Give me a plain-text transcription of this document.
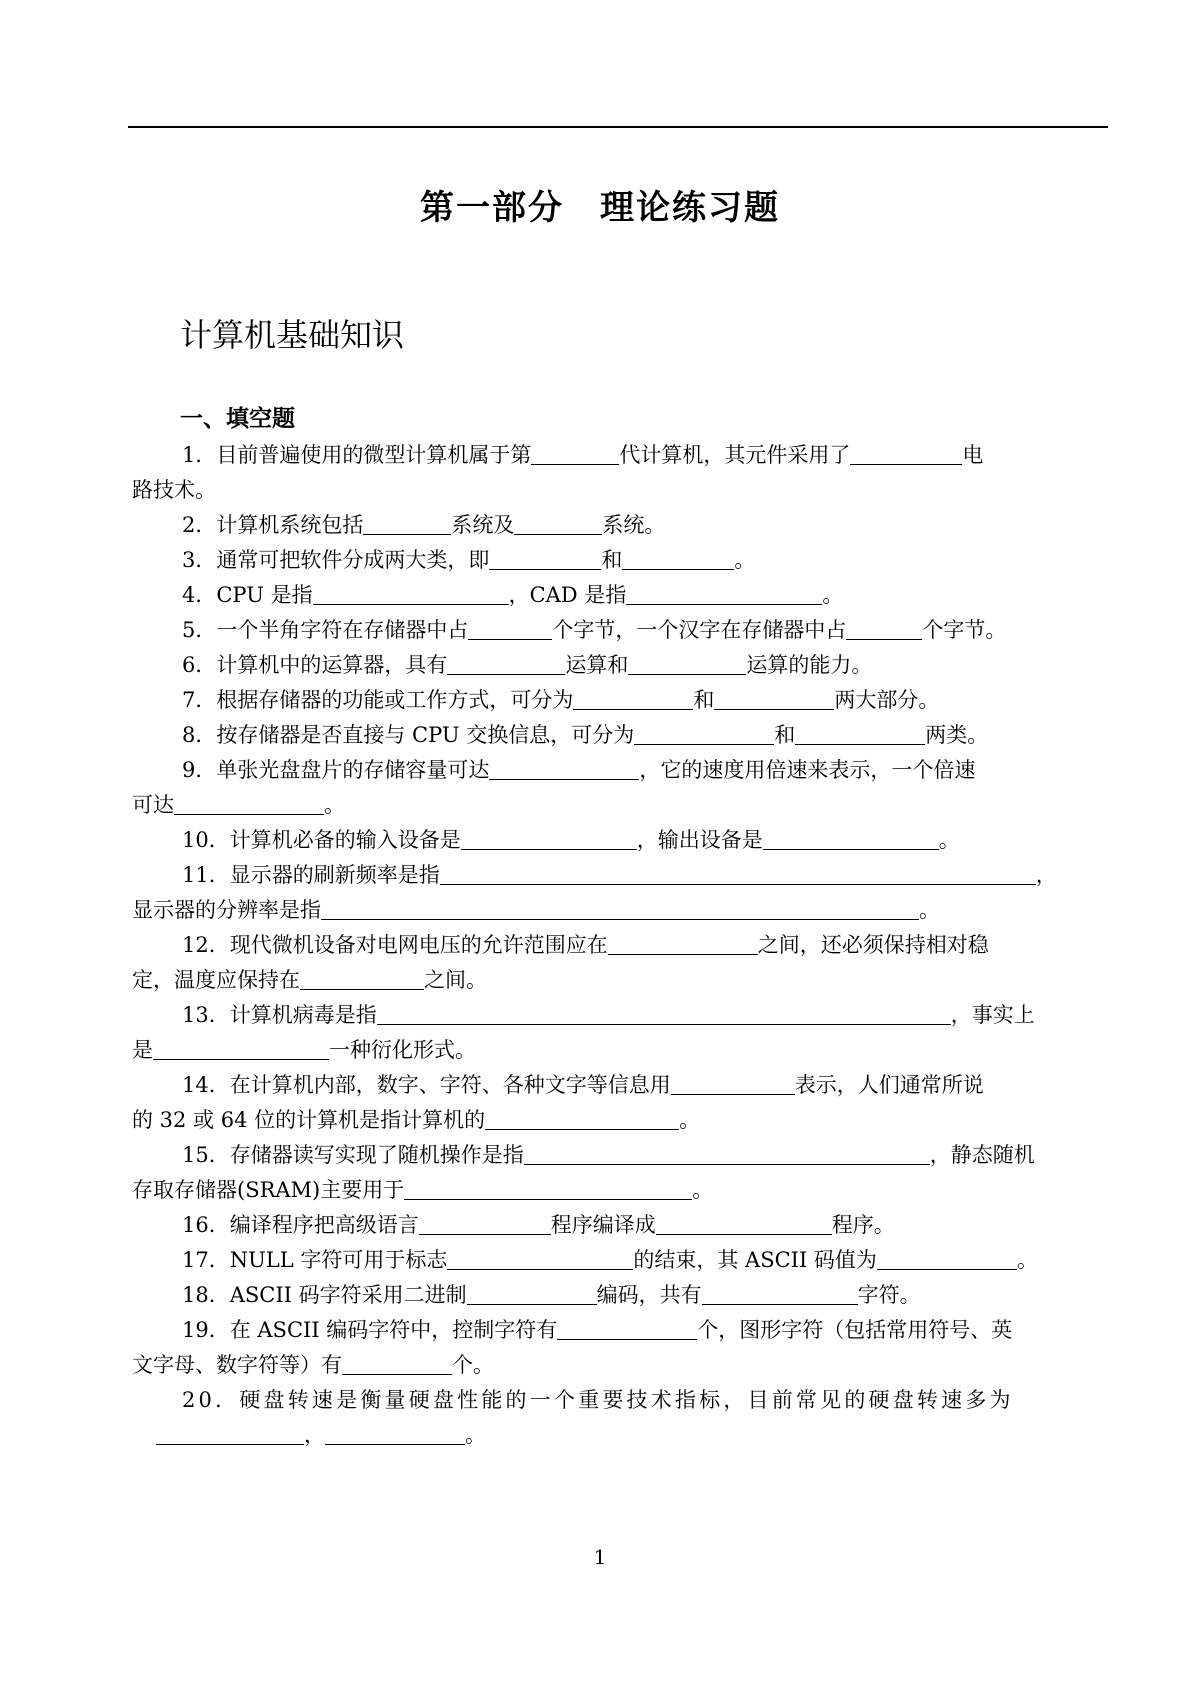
第一部分 理论练习题
计算机基础知识
一、填空题
1．目前普遍使用的微型计算机属于第	代计算机，其元件采用了	电
路技术。
2．计算机系统包括	系统及	系统。
3．通常可把软件分成两大类，即	和	。
4．CPU 是指	，CAD 是指	。
5．一个半角字符在存储器中占	个字节，一个汉字在存储器中占	个字节。
6．计算机中的运算器，具有	运算和	运算的能力。
7．根据存储器的功能或工作方式，可分为	和	两大部分。
8．按存储器是否直接与 CPU 交换信息，可分为	和	两类。
9．单张光盘盘片的存储容量可达	，它的速度用倍速来表示，一个倍速
可达	。
10．计算机必备的输入设备是	，输出设备是	。
11．显示器的刷新频率是指	，
显示器的分辨率是指	。
12．现代微机设备对电网电压的允许范围应在	之间，还必须保持相对稳
定，温度应保持在	之间。
13．计算机病毒是指	，事实上
是	一种衍化形式。
14．在计算机内部，数字、字符、各种文字等信息用	表示，人们通常所说
的 32 或 64 位的计算机是指计算机的	。
15．存储器读写实现了随机操作是指	，静态随机
存取存储器(SRAM)主要用于	。
16．编译程序把高级语言	程序编译成	程序。
17．NULL 字符可用于标志	的结束，其 ASCII 码值为	。
18．ASCII 码字符采用二进制	编码，共有	字符。
19．在 ASCII 编码字符中，控制字符有	个，图形字符（包括常用符号、英
文字母、数字符等）有	个。
20．硬盘转速是衡量硬盘性能的一个重要技术指标，目前常见的硬盘转速多为
，	。
1
